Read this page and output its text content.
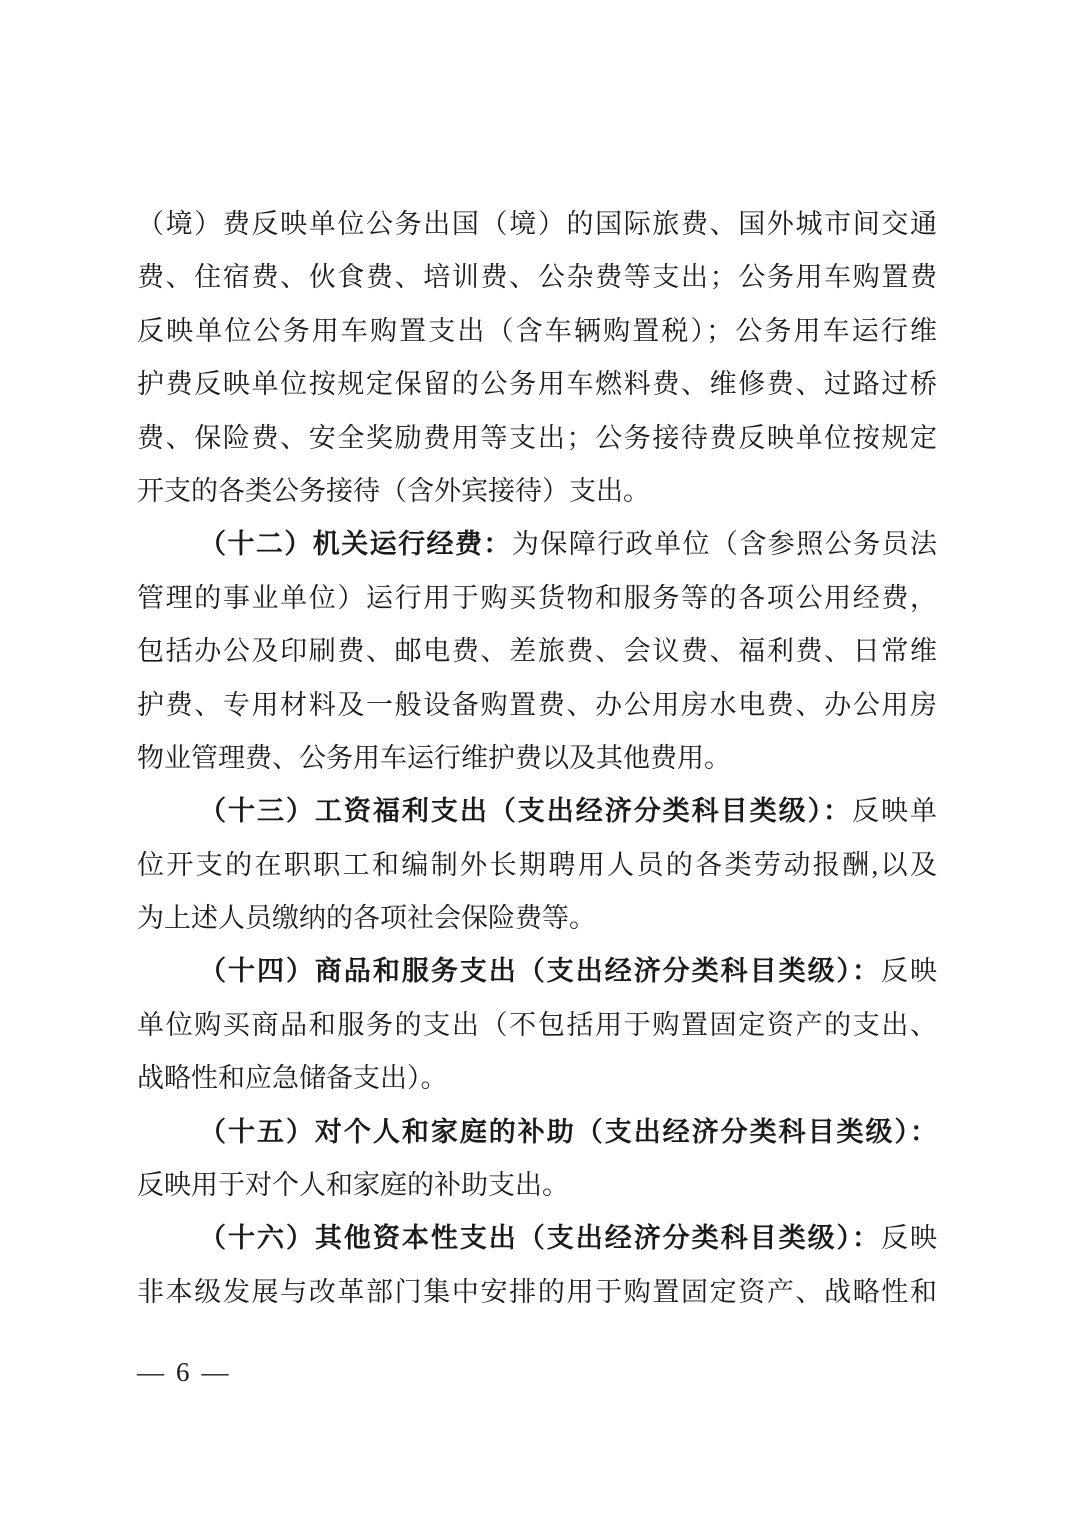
（境）费反映单位公务出国（境）的国际旅费、国外城市间交通
费、住宿费、伙食费、培训费、公杂费等支出；公务用车购置费
反映单位公务用车购置支出（含车辆购置税）；公务用车运行维
护费反映单位按规定保留的公务用车燃料费、维修费、过路过桥
费、保险费、安全奖励费用等支出；公务接待费反映单位按规定
开支的各类公务接待（含外宾接待）支出。
（十二）机关运行经费：为保障行政单位（含参照公务员法
管理的事业单位）运行用于购买货物和服务等的各项公用经费，
包括办公及印刷费、邮电费、差旅费、会议费、福利费、日常维
护费、专用材料及一般设备购置费、办公用房水电费、办公用房
物业管理费、公务用车运行维护费以及其他费用。
（十三）工资福利支出（支出经济分类科目类级）：反映单
位开支的在职职工和编制外长期聘用人员的各类劳动报酬,以及
为上述人员缴纳的各项社会保险费等。
（十四）商品和服务支出（支出经济分类科目类级）：反映
单位购买商品和服务的支出（不包括用于购置固定资产的支出、
战略性和应急储备支出）。
（十五）对个人和家庭的补助（支出经济分类科目类级）：
反映用于对个人和家庭的补助支出。
（十六）其他资本性支出（支出经济分类科目类级）：反映
非本级发展与改革部门集中安排的用于购置固定资产、战略性和
— 6 —
